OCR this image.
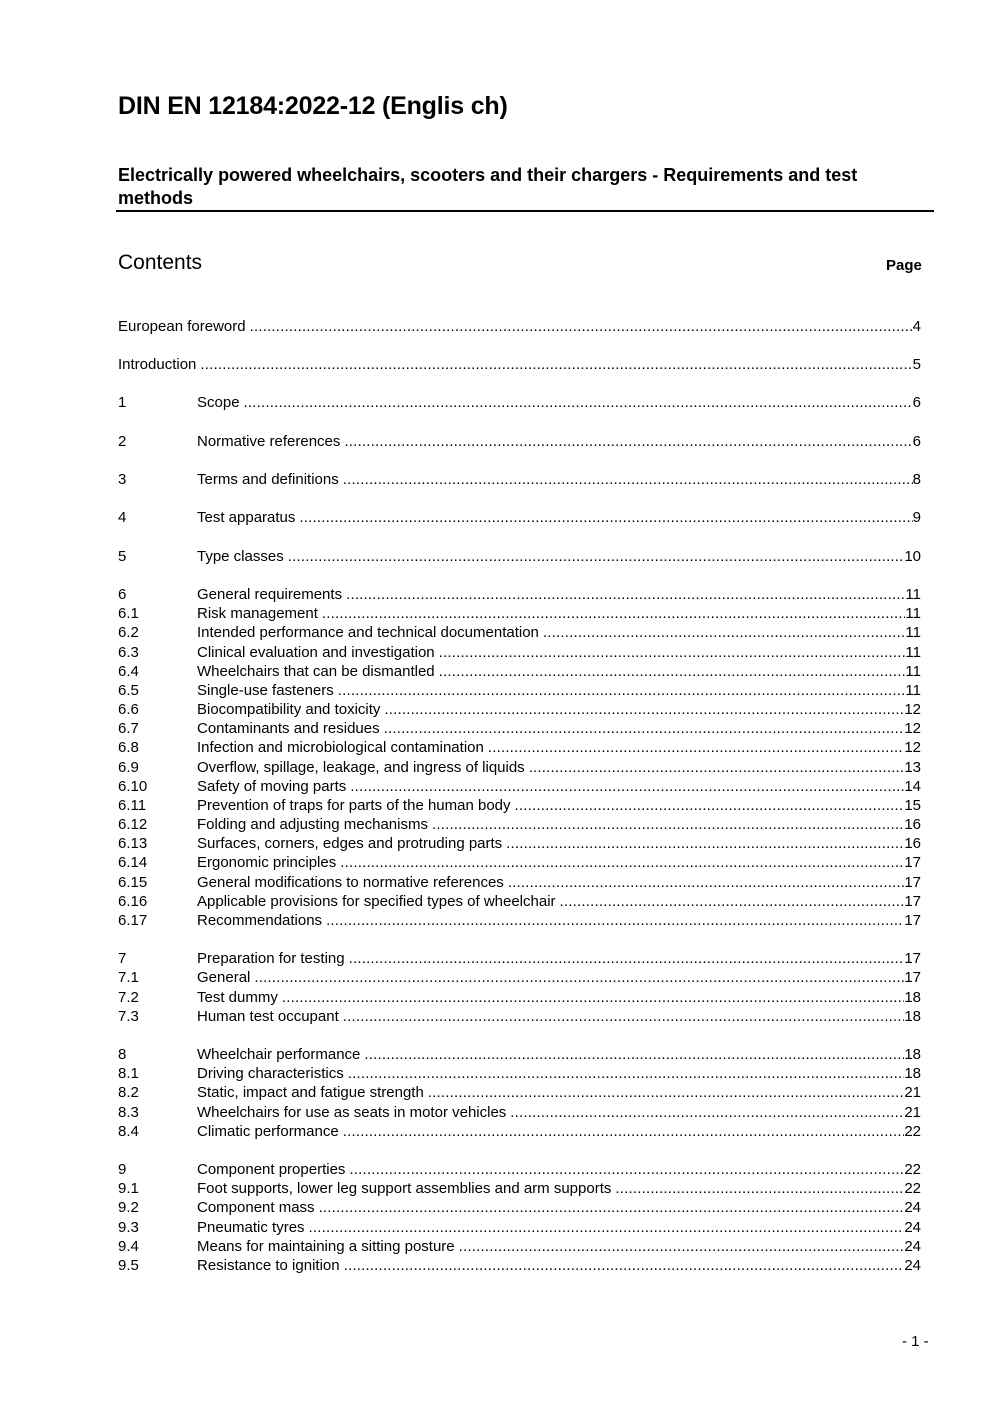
DIN EN 12184:2022-12 (Englis ch)
Electrically powered wheelchairs, scooters and their chargers - Requirements and test methods
Contents	Page
European foreword .....	4
Introduction .....	5
1	Scope .....	6
2	Normative references .....	6
3	Terms and definitions .....	8
4	Test apparatus .....	9
5	Type classes .....	10
6	General requirements .....	11
6.1	Risk management .....	11
6.2	Intended performance and technical documentation .....	11
6.3	Clinical evaluation and investigation .....	11
6.4	Wheelchairs that can be dismantled .....	11
6.5	Single-use fasteners .....	11
6.6	Biocompatibility and toxicity .....	12
6.7	Contaminants and residues .....	12
6.8	Infection and microbiological contamination .....	12
6.9	Overflow, spillage, leakage, and ingress of liquids .....	13
6.10	Safety of moving parts .....	14
6.11	Prevention of traps for parts of the human body .....	15
6.12	Folding and adjusting mechanisms .....	16
6.13	Surfaces, corners, edges and protruding parts .....	16
6.14	Ergonomic principles .....	17
6.15	General modifications to normative references .....	17
6.16	Applicable provisions for specified types of wheelchair .....	17
6.17	Recommendations .....	17
7	Preparation for testing .....	17
7.1	General .....	17
7.2	Test dummy .....	18
7.3	Human test occupant .....	18
8	Wheelchair performance .....	18
8.1	Driving characteristics .....	18
8.2	Static, impact and fatigue strength .....	21
8.3	Wheelchairs for use as seats in motor vehicles .....	21
8.4	Climatic performance .....	22
9	Component properties .....	22
9.1	Foot supports, lower leg support assemblies and arm supports .....	22
9.2	Component mass .....	24
9.3	Pneumatic tyres .....	24
9.4	Means for maintaining a sitting posture .....	24
9.5	Resistance to ignition .....	24
- 1 -
